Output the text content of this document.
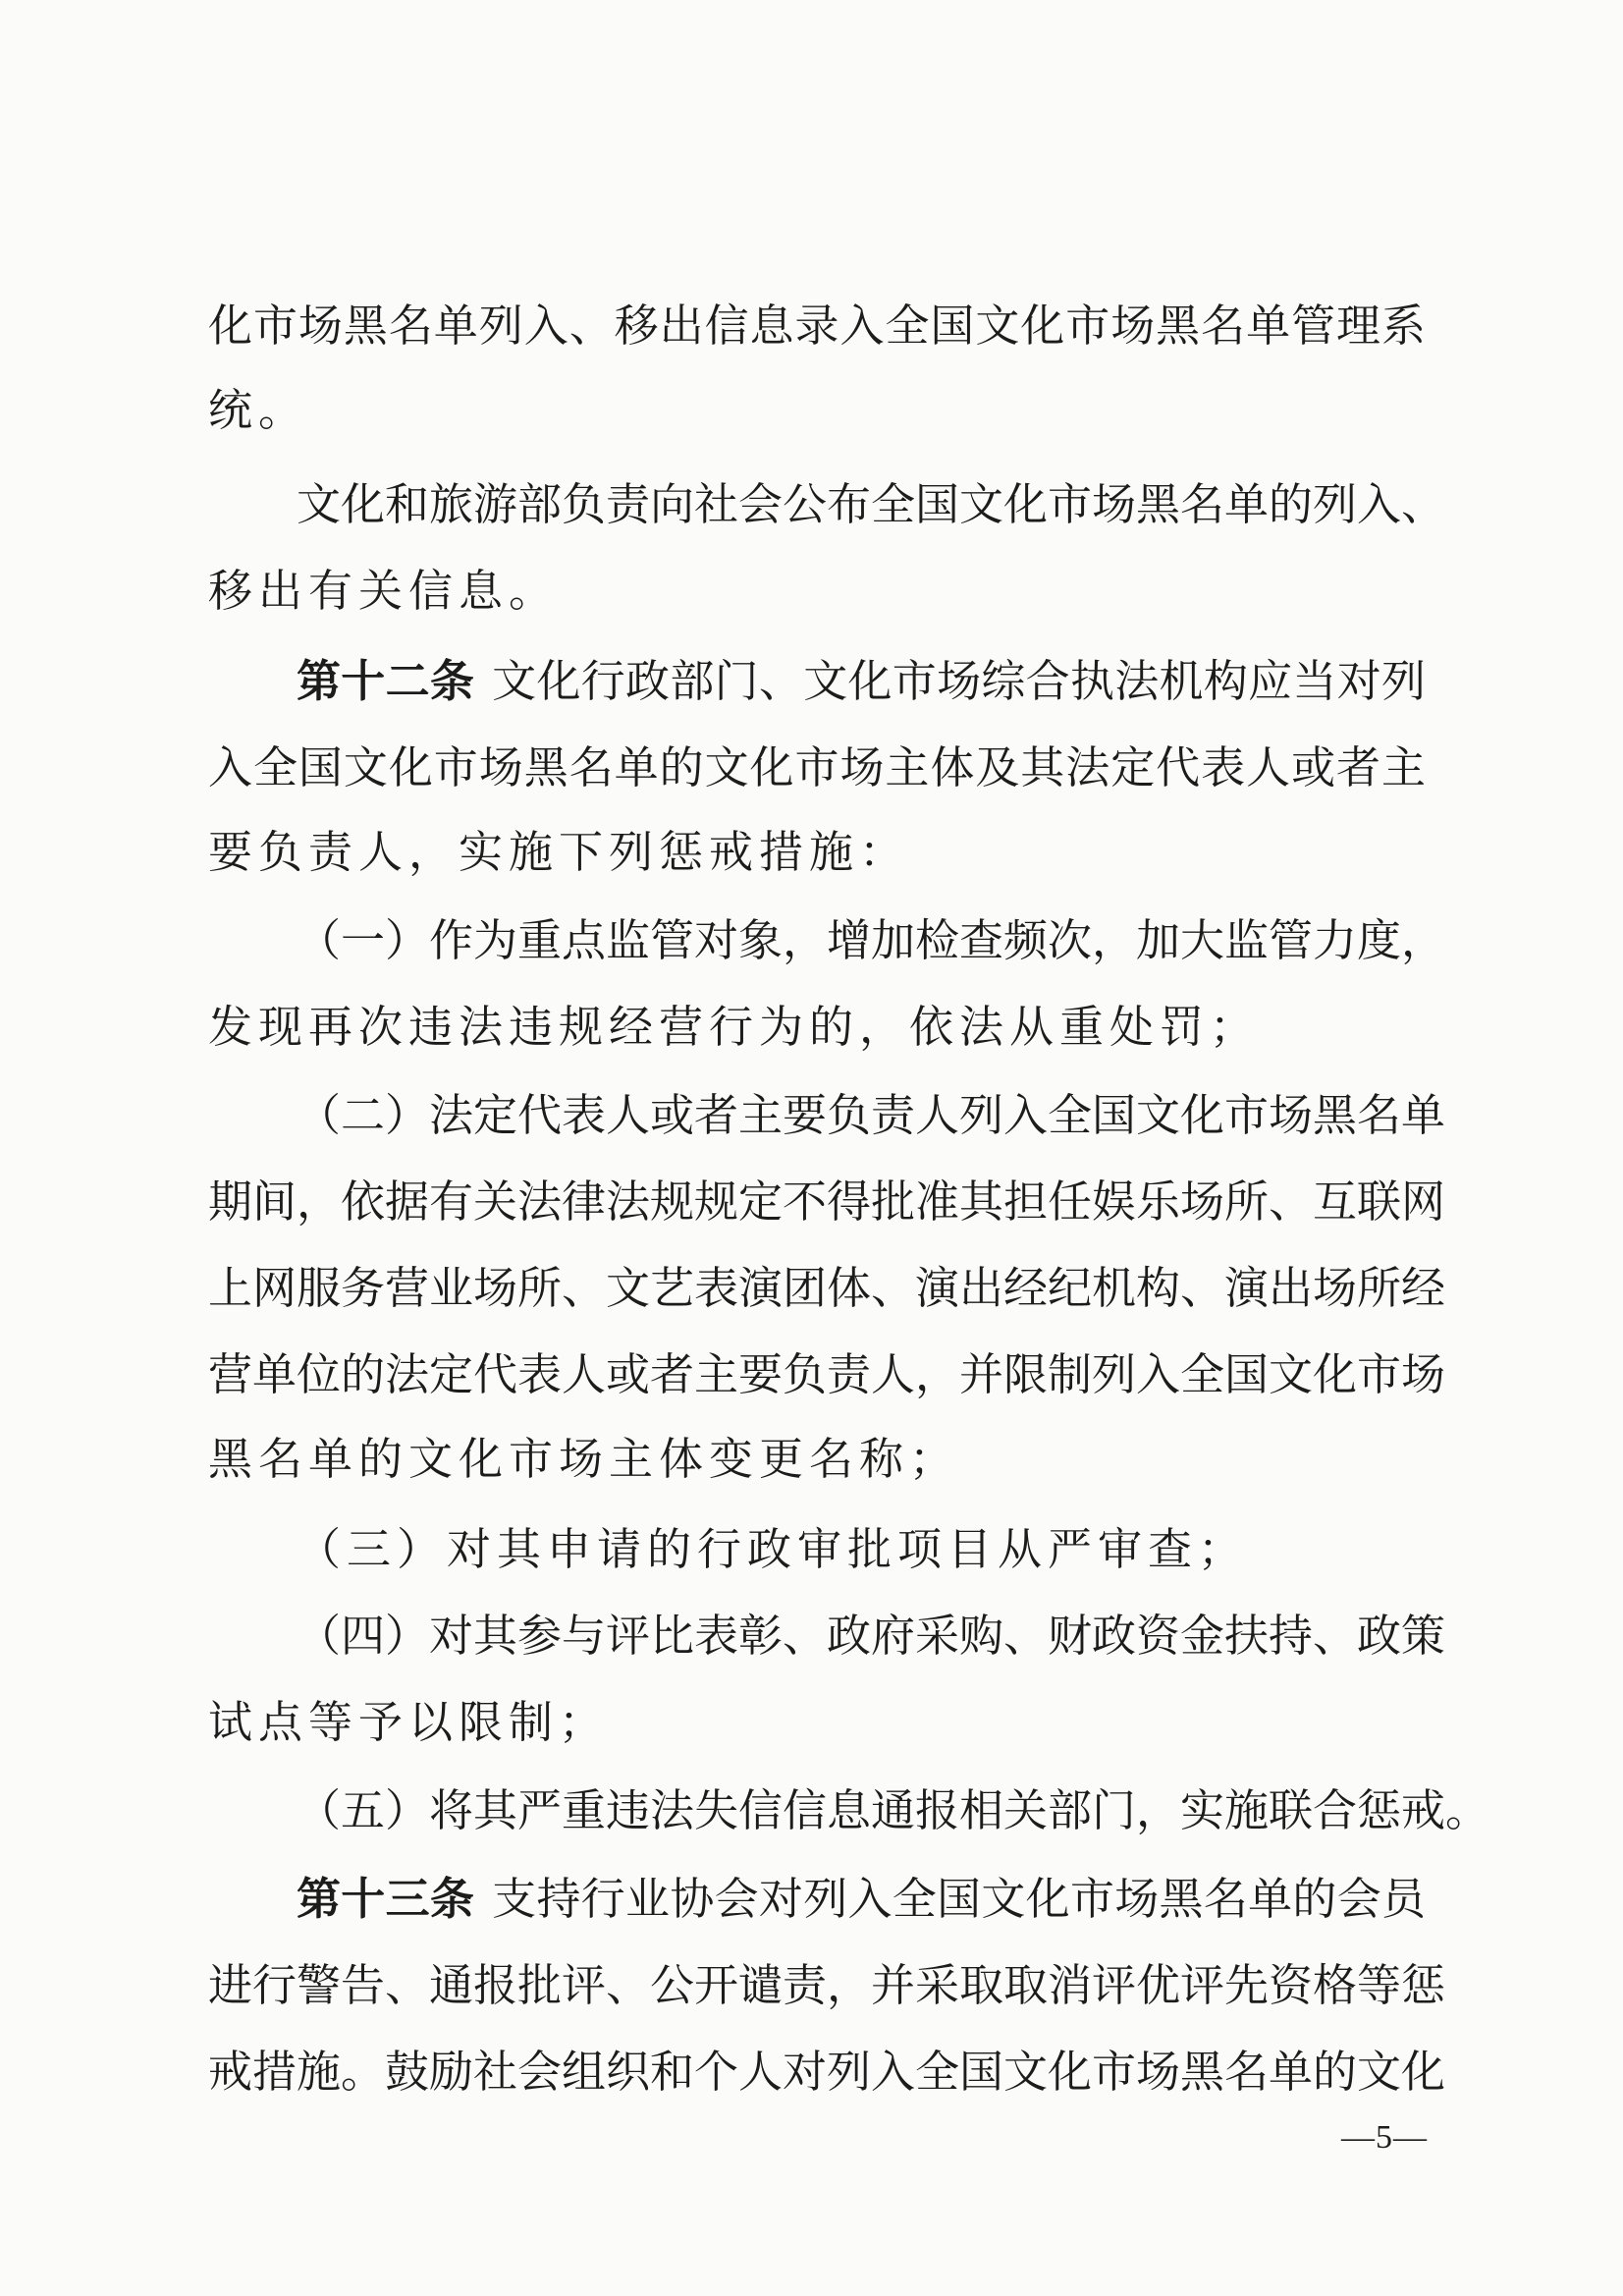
化市场黑名单列入、移出信息录入全国文化市场黑名单管理系
统。
文化和旅游部负责向社会公布全国文化市场黑名单的列入、
移出有关信息。
第十二条 文化行政部门、文化市场综合执法机构应当对列
入全国文化市场黑名单的文化市场主体及其法定代表人或者主
要负责人，实施下列惩戒措施：
（一）作为重点监管对象，增加检查频次，加大监管力度，
发现再次违法违规经营行为的，依法从重处罚；
（二）法定代表人或者主要负责人列入全国文化市场黑名单
期间，依据有关法律法规规定不得批准其担任娱乐场所、互联网
上网服务营业场所、文艺表演团体、演出经纪机构、演出场所经
营单位的法定代表人或者主要负责人，并限制列入全国文化市场
黑名单的文化市场主体变更名称；
（三）对其申请的行政审批项目从严审查；
（四）对其参与评比表彰、政府采购、财政资金扶持、政策
试点等予以限制；
（五）将其严重违法失信信息通报相关部门，实施联合惩戒。
第十三条 支持行业协会对列入全国文化市场黑名单的会员
进行警告、通报批评、公开谴责，并采取取消评优评先资格等惩
戒措施。鼓励社会组织和个人对列入全国文化市场黑名单的文化
—5—
